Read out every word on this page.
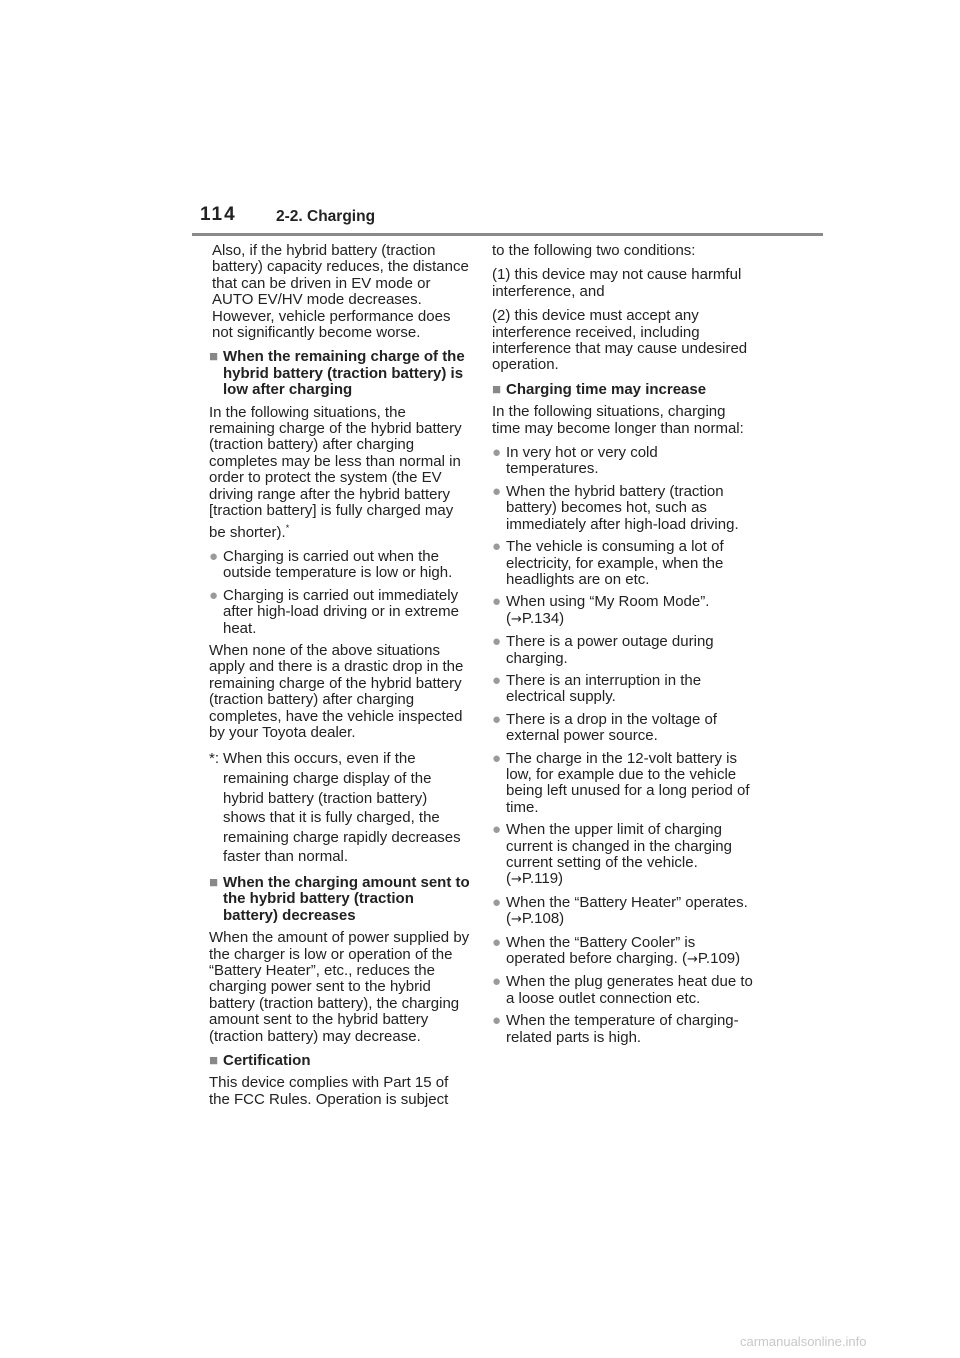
114	2-2. Charging

Also, if the hybrid battery (traction battery) capacity reduces, the distance that can be driven in EV mode or AUTO EV/HV mode decreases. However, vehicle performance does not significantly become worse.

■ When the remaining charge of the hybrid battery (traction battery) is low after charging

In the following situations, the remaining charge of the hybrid battery (traction battery) after charging completes may be less than normal in order to protect the system (the EV driving range after the hybrid battery [traction battery] is fully charged may be shorter).*

● Charging is carried out when the outside temperature is low or high.
● Charging is carried out immediately after high-load driving or in extreme heat.

When none of the above situations apply and there is a drastic drop in the remaining charge of the hybrid battery (traction battery) after charging completes, have the vehicle inspected by your Toyota dealer.

*: When this occurs, even if the remaining charge display of the hybrid battery (traction battery) shows that it is fully charged, the remaining charge rapidly decreases faster than normal.
■ When the charging amount sent to the hybrid battery (traction battery) decreases

When the amount of power supplied by the charger is low or operation of the “Battery Heater”, etc., reduces the charging power sent to the hybrid battery (traction battery), the charging amount sent to the hybrid battery (traction battery) may decrease.

■ Certification

This device complies with Part 15 of the FCC Rules. Operation is subject

to the following two conditions:

(1) this device may not cause harmful interference, and

(2) this device must accept any interference received, including interference that may cause undesired operation.

■ Charging time may increase

In the following situations, charging time may become longer than normal:

● In very hot or very cold temperatures.
● When the hybrid battery (traction battery) becomes hot, such as immediately after high-load driving.
● The vehicle is consuming a lot of electricity, for example, when the headlights are on etc.
● When using “My Room Mode”. (→P.134)
● There is a power outage during charging.
● There is an interruption in the electrical supply.
● There is a drop in the voltage of external power source.
● The charge in the 12-volt battery is low, for example due to the vehicle being left unused for a long period of time.
● When the upper limit of charging current is changed in the charging current setting of the vehicle. (→P.119)
● When the “Battery Heater” operates. (→P.108)
● When the “Battery Cooler” is operated before charging. (→P.109)
● When the plug generates heat due to a loose outlet connection etc.
● When the temperature of charging-related parts is high.
carmanualsonline.info
